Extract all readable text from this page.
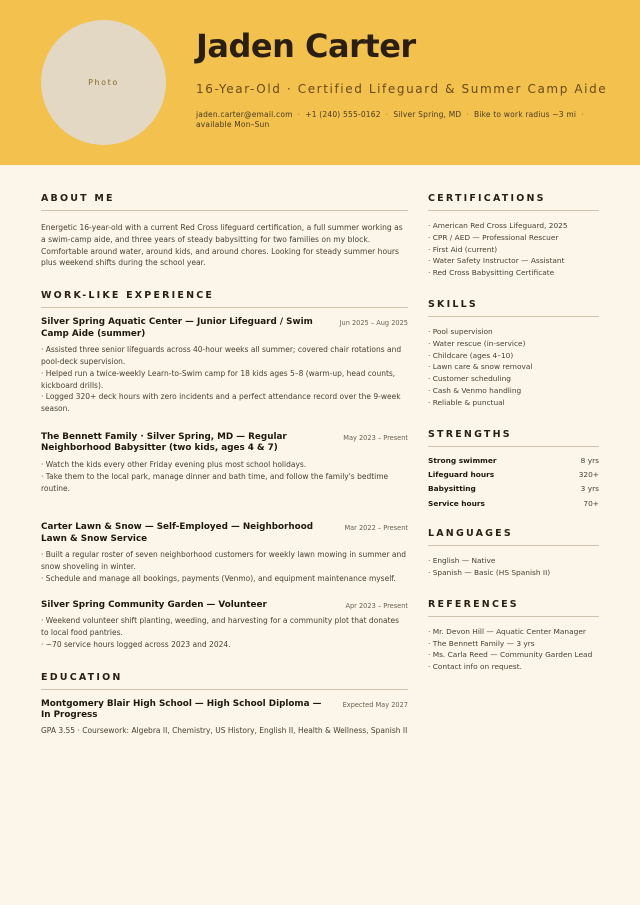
Photo
Jaden Carter
16-Year-Old · Certified Lifeguard & Summer Camp Aide
jaden.carter@email.com · +1 (240) 555-0162 · Silver Spring, MD · Bike to work radius ~3 mi ·
available Mon–Sun
ABOUT ME

Energetic 16-year-old with a current Red Cross lifeguard certification, a full summer working as a swim-camp aide, and three years of steady babysitting for two families on my block. Comfortable around water, around kids, and around chores. Looking for steady summer hours plus weekend shifts during the school year.

WORK-LIKE EXPERIENCE
Silver Spring Aquatic Center — Junior Lifeguard / Swim Camp Aide (summer)
Jun 2025 – Aug 2025
· Assisted three senior lifeguards across 40-hour weeks all summer; covered chair rotations and pool-deck supervision.
· Helped run a twice-weekly Learn-to-Swim camp for 18 kids ages 5–8 (warm-up, head counts, kickboard drills).
· Logged 320+ deck hours with zero incidents and a perfect attendance record over the 9-week season.
The Bennett Family · Silver Spring, MD — Regular Neighborhood Babysitter (two kids, ages 4 & 7)
May 2023 – Present
· Watch the kids every other Friday evening plus most school holidays.
· Take them to the local park, manage dinner and bath time, and follow the family's bedtime routine.
Carter Lawn & Snow — Self-Employed — Neighborhood Lawn & Snow Service
Mar 2022 – Present
· Built a regular roster of seven neighborhood customers for weekly lawn mowing in summer and snow shoveling in winter.
· Schedule and manage all bookings, payments (Venmo), and equipment maintenance myself.
Silver Spring Community Garden — Volunteer	Apr 2023 – Present
· Weekend volunteer shift planting, weeding, and harvesting for a community plot that donates to local food pantries.
· ~70 service hours logged across 2023 and 2024.
EDUCATION
Montgomery Blair High School — High School Diploma — In Progress
Expected May 2027
GPA 3.55 · Coursework: Algebra II, Chemistry, US History, English II, Health & Wellness, Spanish II
CERTIFICATIONS
· American Red Cross Lifeguard, 2025
· CPR / AED — Professional Rescuer
· First Aid (current)
· Water Safety Instructor — Assistant
· Red Cross Babysitting Certificate
SKILLS
· Pool supervision
· Water rescue (in-service)
· Childcare (ages 4–10)
· Lawn care & snow removal
· Customer scheduling
· Cash & Venmo handling
· Reliable & punctual
STRENGTHS
Strong swimmer	8 yrs
Lifeguard hours	320+
Babysitting	3 yrs
Service hours	70+
LANGUAGES
· English — Native
· Spanish — Basic (HS Spanish II)
REFERENCES
· Mr. Devon Hill — Aquatic Center Manager
· The Bennett Family — 3 yrs
· Ms. Carla Reed — Community Garden Lead
· Contact info on request.
